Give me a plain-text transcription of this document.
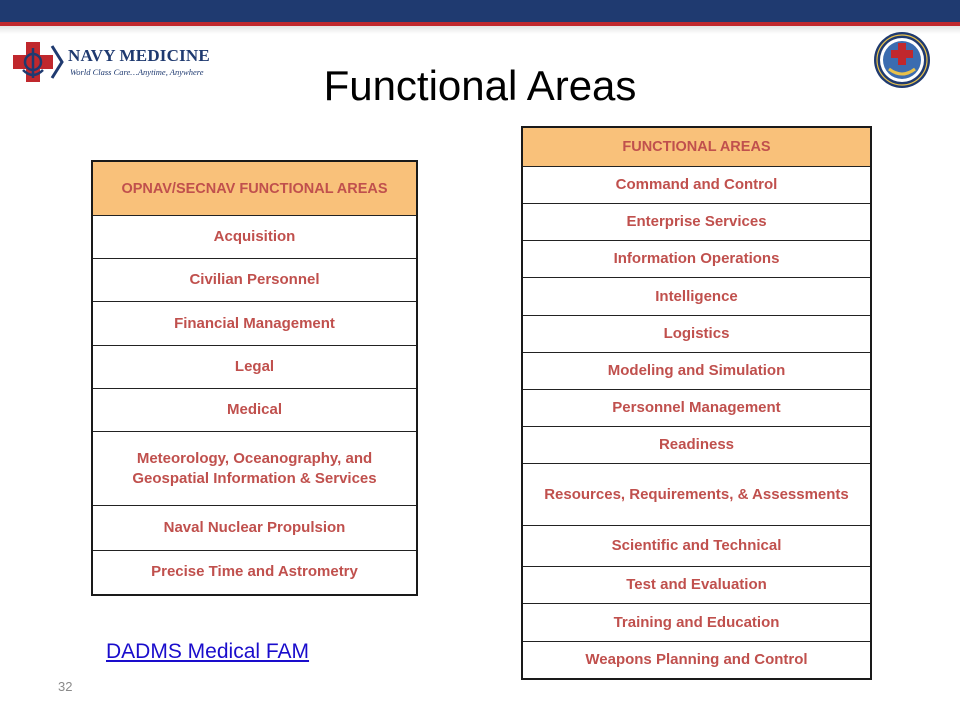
NAVY MEDICINE
World Class Care…Anytime, Anywhere	Functional Areas
OPNAV/SECNAV FUNCTIONAL AREAS
Acquisition
Civilian Personnel
Financial Management
Legal
Medical
Meteorology, Oceanography, and Geospatial Information & Services
Naval Nuclear Propulsion
Precise Time and Astrometry
FUNCTIONAL AREAS
Command and Control
Enterprise Services
Information Operations
Intelligence
Logistics
Modeling and Simulation
Personnel Management
Readiness
Resources, Requirements, & Assessments
Scientific and Technical
Test and Evaluation
Training and Education
Weapons Planning and Control
DADMS Medical FAM
32
